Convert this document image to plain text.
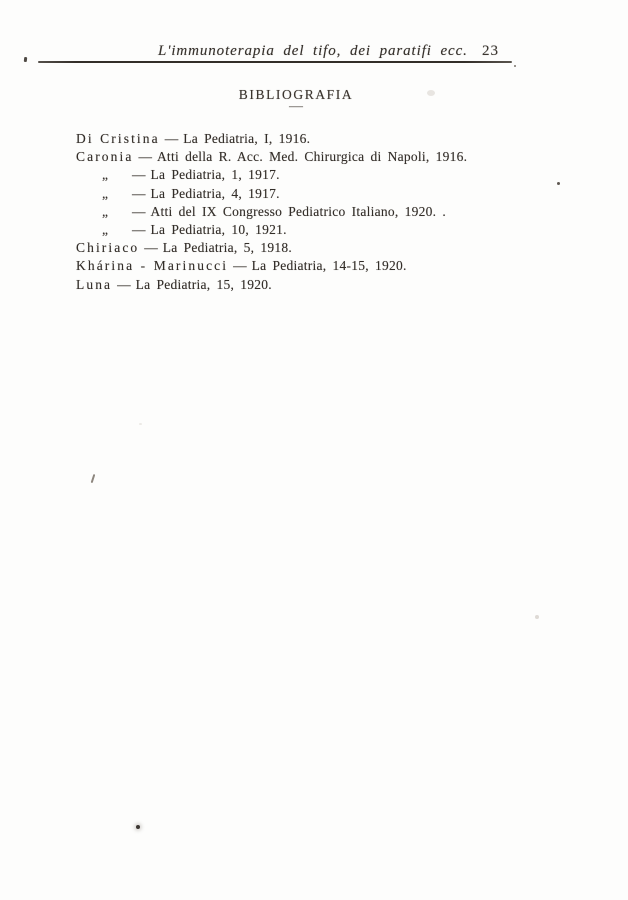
L'immunoterapia del tifo, dei paratifi ecc. 23
BIBLIOGRAFIA
—
Di Cristina — La Pediatria, I, 1916.
Caronia — Atti della R. Acc. Med. Chirurgica di Napoli, 1916.
„ — La Pediatria, 1, 1917.
„ — La Pediatria, 4, 1917.
„ — Atti del IX Congresso Pediatrico Italiano, 1920. .
„ — La Pediatria, 10, 1921.
Chiriaco — La Pediatria, 5, 1918.
Khárina - Marinucci — La Pediatria, 14-15, 1920.
Luna — La Pediatria, 15, 1920.
